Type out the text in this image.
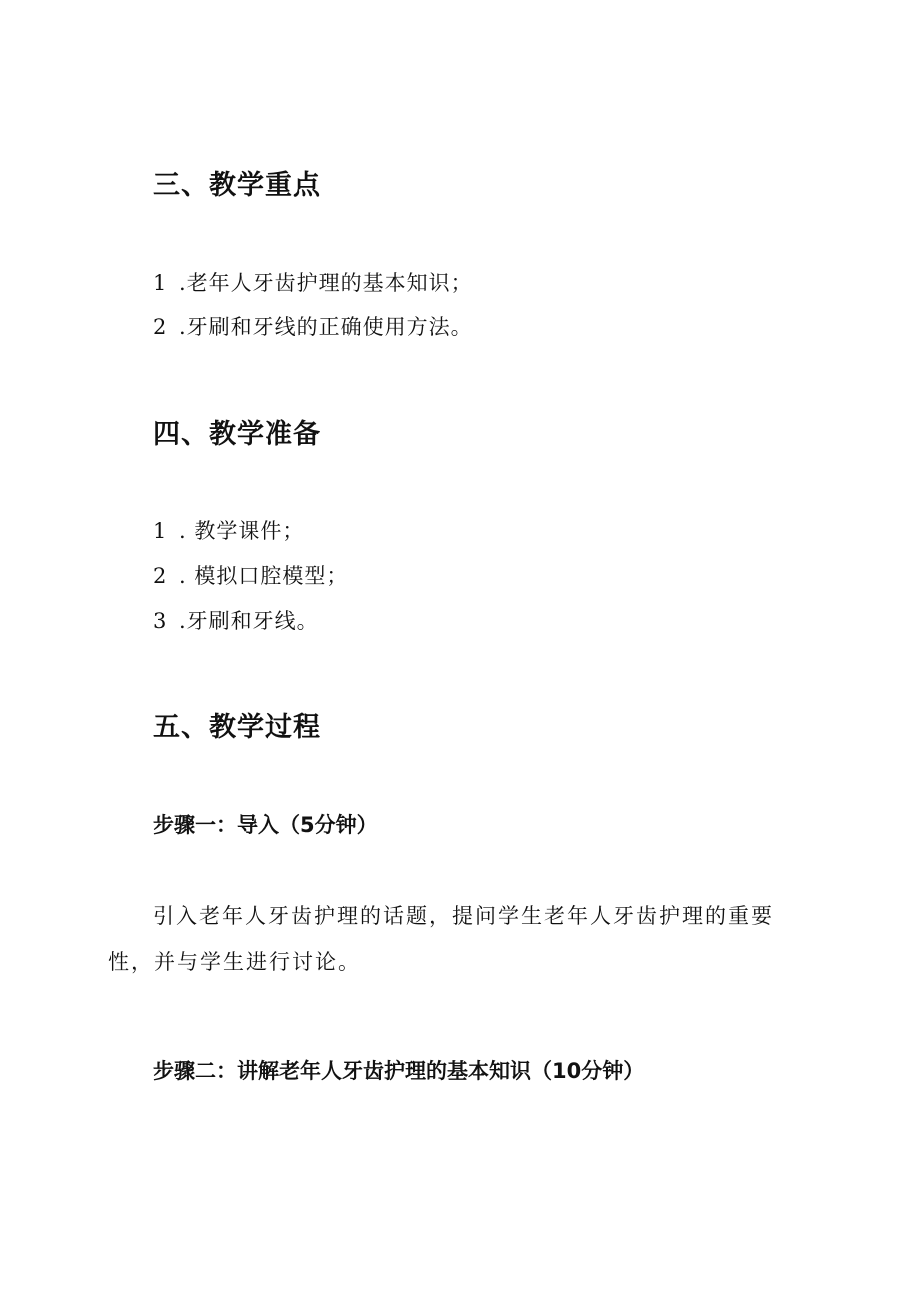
三、教学重点
1 .老年人牙齿护理的基本知识；
2 .牙刷和牙线的正确使用方法。
四、教学准备
1 . 教学课件；
2 . 模拟口腔模型；
3 .牙刷和牙线。
五、教学过程
步骤一：导入（5分钟）
引入老年人牙齿护理的话题，提问学生老年人牙齿护理的重要
性，并与学生进行讨论。
步骤二：讲解老年人牙齿护理的基本知识（10分钟）
